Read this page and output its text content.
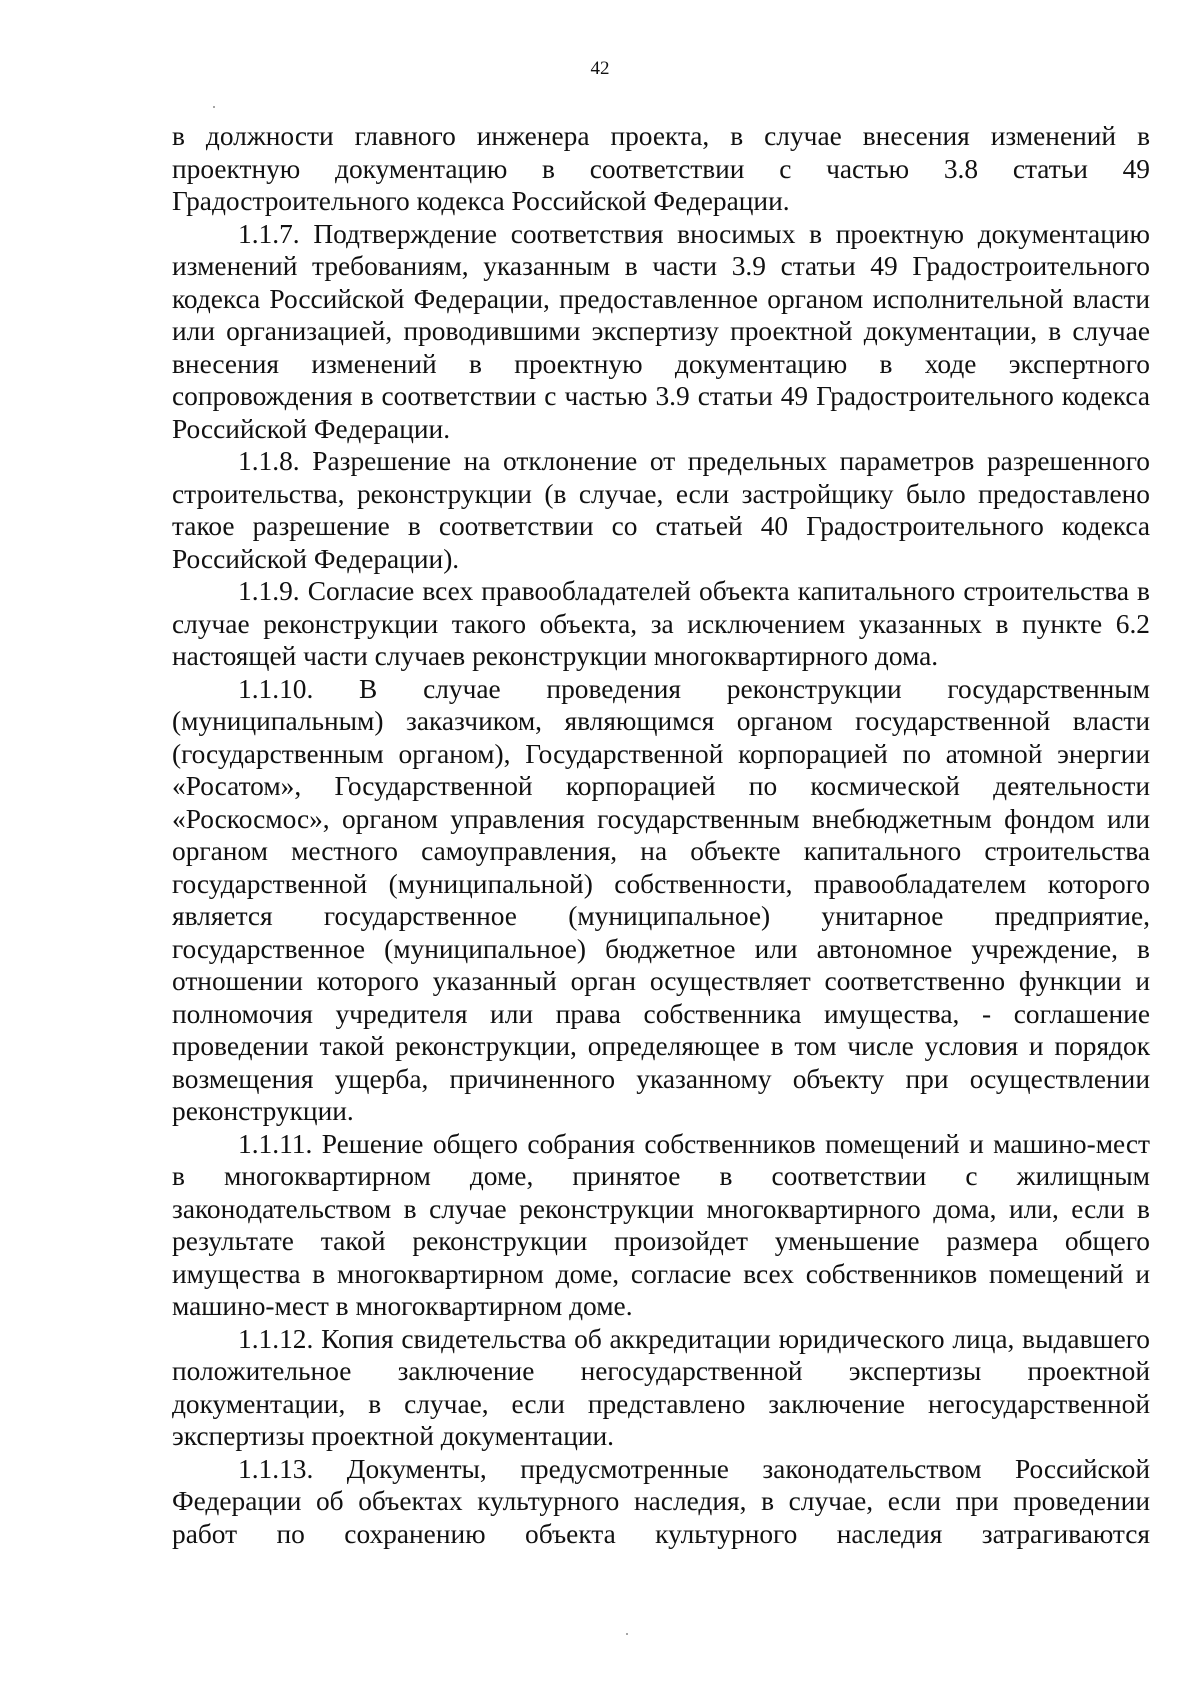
42

в должности главного инженера проекта, в случае внесения изменений в проектную документацию в соответствии с частью 3.8 статьи 49 Градостроительного кодекса Российской Федерации.

1.1.7. Подтверждение соответствия вносимых в проектную документацию изменений требованиям, указанным в части 3.9 статьи 49 Градостроительного кодекса Российской Федерации, предоставленное органом исполнительной власти или организацией, проводившими экспертизу проектной документации, в случае внесения изменений в проектную документацию в ходе экспертного сопровождения в соответствии с частью 3.9 статьи 49 Градостроительного кодекса Российской Федерации.

1.1.8. Разрешение на отклонение от предельных параметров разрешенного строительства, реконструкции (в случае, если застройщику было предоставлено такое разрешение в соответствии со статьей 40 Градостроительного кодекса Российской Федерации).

1.1.9. Согласие всех правообладателей объекта капитального строительства в случае реконструкции такого объекта, за исключением указанных в пункте 6.2 настоящей части случаев реконструкции многоквартирного дома.

1.1.10. В случае проведения реконструкции государственным (муниципальным) заказчиком, являющимся органом государственной власти (государственным органом), Государственной корпорацией по атомной энергии «Росатом», Государственной корпорацией по космической деятельности «Роскосмос», органом управления государственным внебюджетным фондом или органом местного самоуправления, на объекте капитального строительства государственной (муниципальной) собственности, правообладателем которого является государственное (муниципальное) унитарное предприятие, государственное (муниципальное) бюджетное или автономное учреждение, в отношении которого указанный орган осуществляет соответственно функции и полномочия учредителя или права собственника имущества, - соглашение проведении такой реконструкции, определяющее в том числе условия и порядок возмещения ущерба, причиненного указанному объекту при осуществлении реконструкции.

1.1.11. Решение общего собрания собственников помещений и машино-мест в многоквартирном доме, принятое в соответствии с жилищным законодательством в случае реконструкции многоквартирного дома, или, если в результате такой реконструкции произойдет уменьшение размера общего имущества в многоквартирном доме, согласие всех собственников помещений и машино-мест в многоквартирном доме.

1.1.12. Копия свидетельства об аккредитации юридического лица, выдавшего положительное заключение негосударственной экспертизы проектной документации, в случае, если представлено заключение негосударственной экспертизы проектной документации.

1.1.13. Документы, предусмотренные законодательством Российской Федерации об объектах культурного наследия, в случае, если при проведении работ по сохранению объекта культурного наследия затрагиваются
